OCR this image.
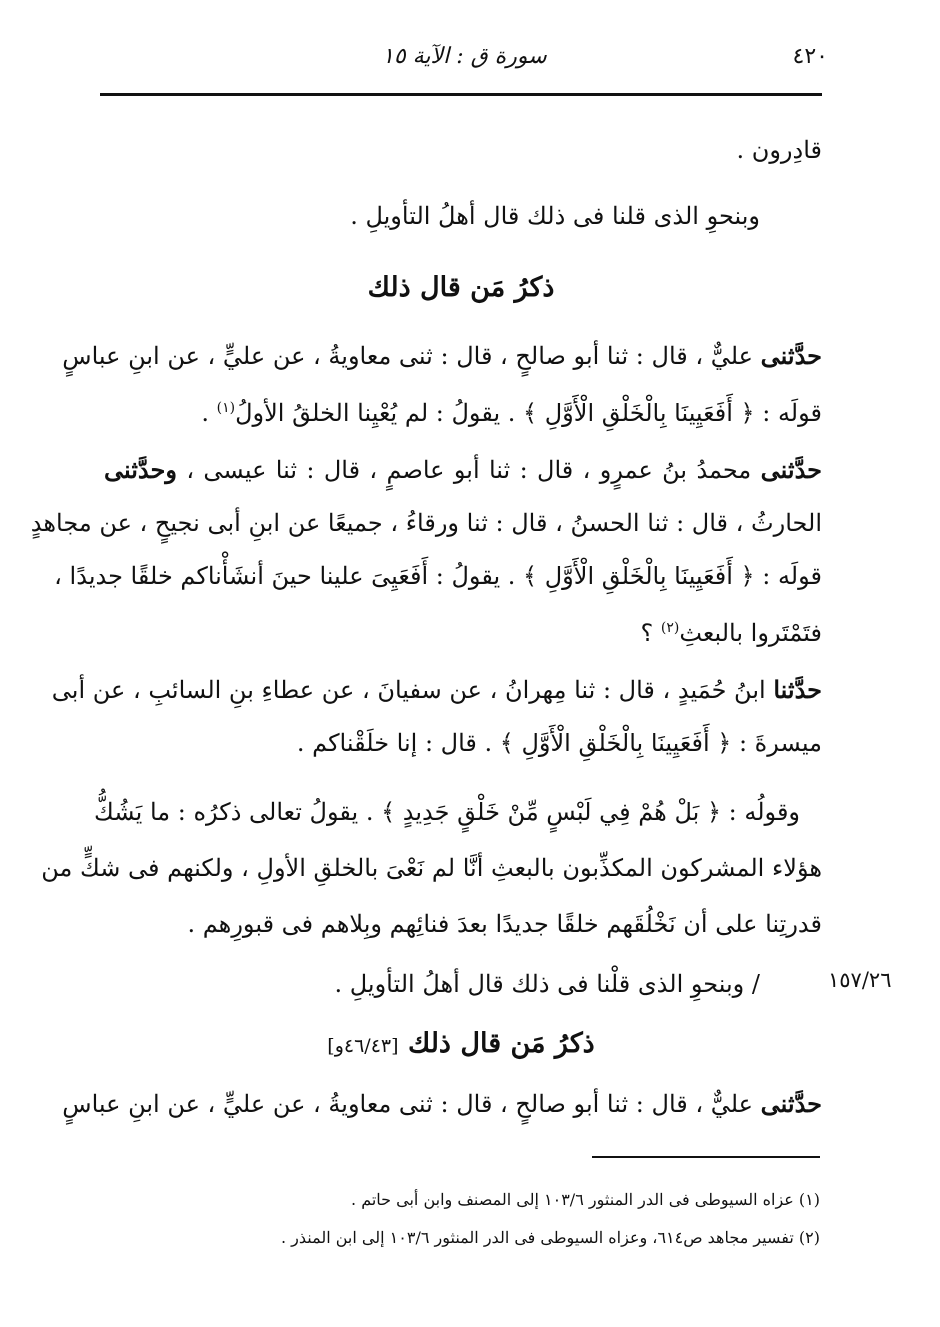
٤٢٠
سورة ق : الآية ١٥
قادِرون .
وبنحوِ الذى قلنا فى ذلك قال أهلُ التأويلِ .
ذكرُ مَن قال ذلك
حدَّثنى عليٌّ ، قال : ثنا أبو صالحٍ ، قال : ثنى معاويةُ ، عن عليٍّ ، عن ابنِ عباسٍ
قولَه : ﴿ أَفَعَيِينَا بِالْخَلْقِ الْأَوَّلِ ﴾ . يقولُ : لم يُعْيِنا الخلقُ الأولُ$^{(١)}$ .
حدَّثنى محمدُ بنُ عمرٍو ، قال : ثنا أبو عاصمٍ ، قال : ثنا عيسى ، وحدَّثنى
الحارثُ ، قال : ثنا الحسنُ ، قال : ثنا ورقاءُ ، جميعًا عن ابنِ أبى نجيحٍ ، عن مجاهدٍ
قولَه : ﴿ أَفَعَيِينَا بِالْخَلْقِ الْأَوَّلِ ﴾ . يقولُ : أَفَعَيِىَ علينا حينَ أنشَأْناكم خلقًا جديدًا ،
فتَمْتَروا بالبعثِ$^{(٢)}$ ؟
حدَّثنا ابنُ حُمَيدٍ ، قال : ثنا مِهرانُ ، عن سفيانَ ، عن عطاءِ بنِ السائبِ ، عن أبى
ميسرةَ : ﴿ أَفَعَيِينَا بِالْخَلْقِ الْأَوَّلِ ﴾ . قال : إنا خلَقْناكم .
وقولُه : ﴿ بَلْ هُمْ فِي لَبْسٍ مِّنْ خَلْقٍ جَدِيدٍ ﴾ . يقولُ تعالى ذكرُه : ما يَشُكُّ
هؤلاء المشركون المكذِّبون بالبعثِ أنَّا لم نَعْىَ بالخلقِ الأولِ ، ولكنهم فى شكٍّ من
قدرتِنا على أن نَخْلُقَهم خلقًا جديدًا بعدَ فنائِهم وبِلاهم فى قبورِهم .
/ وبنحوِ الذى قلْنا فى ذلك قال أهلُ التأويلِ .	١٥٧/٢٦
ذكرُ مَن قال ذلك [٤٦/٤٣و]
حدَّثنى عليٌّ ، قال : ثنا أبو صالحٍ ، قال : ثنى معاويةُ ، عن عليٍّ ، عن ابنِ عباسٍ
(١) عزاه السيوطى فى الدر المنثور ١٠٣/٦ إلى المصنف وابن أبى حاتم .
(٢) تفسير مجاهد ص٦١٤، وعزاه السيوطى فى الدر المنثور ١٠٣/٦ إلى ابن المنذر .
